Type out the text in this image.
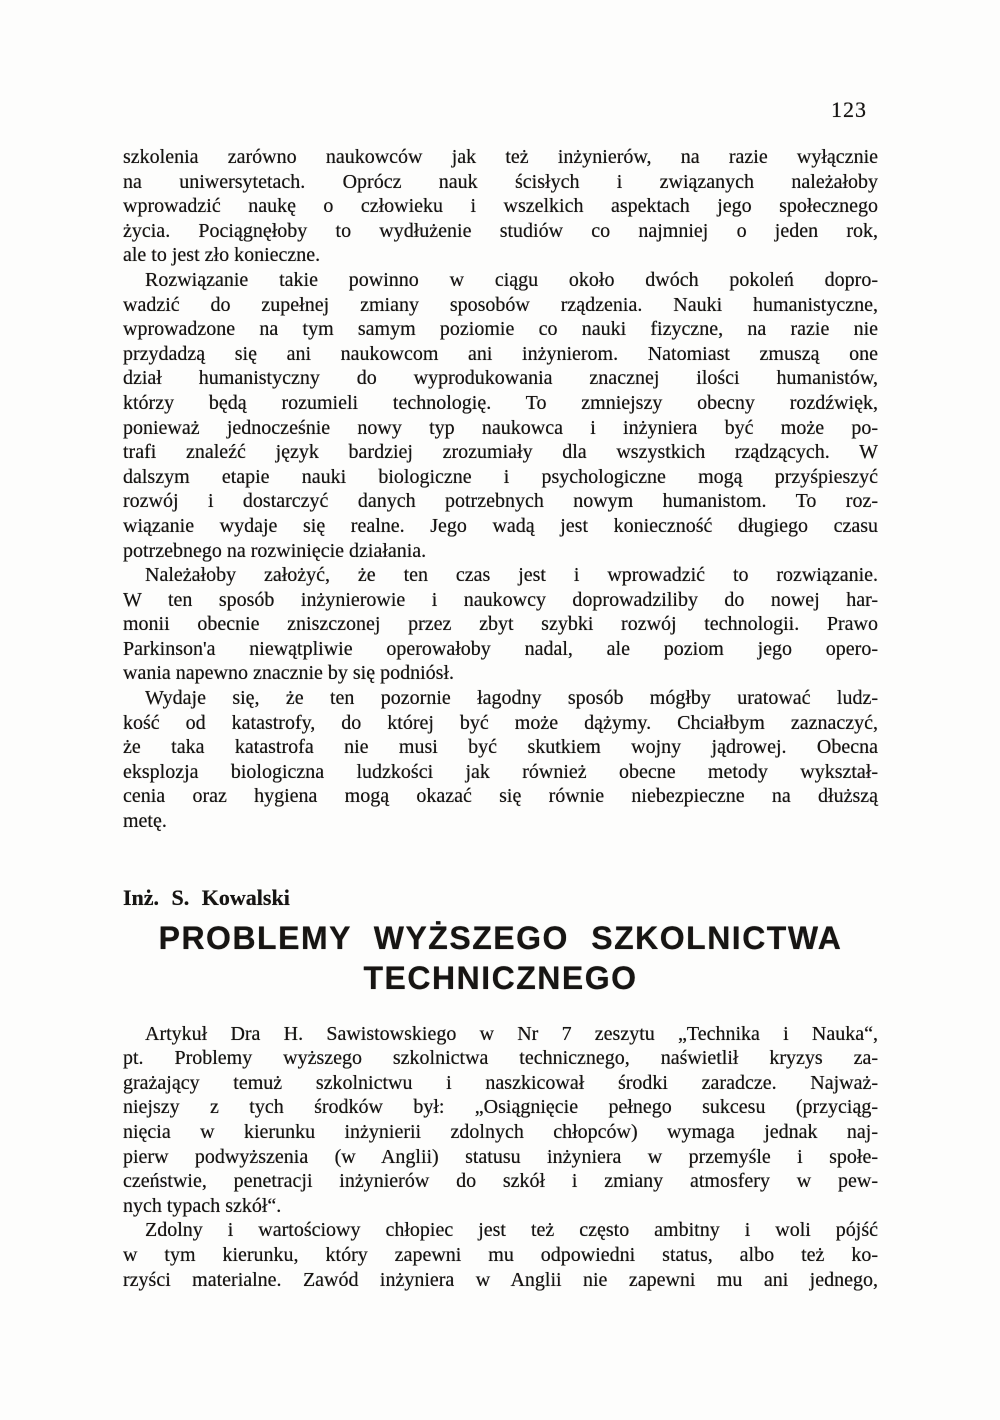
123
szkolenia zarówno naukowców jak też inżynierów, na razie wyłącznie
na uniwersytetach. Oprócz nauk ścisłych i związanych należałoby
wprowadzić naukę o człowieku i wszelkich aspektach jego społecznego
życia. Pociągnęłoby to wydłużenie studiów co najmniej o jeden rok,
ale to jest zło konieczne.
Rozwiązanie takie powinno w ciągu około dwóch pokoleń dopro-
wadzić do zupełnej zmiany sposobów rządzenia. Nauki humanistyczne,
wprowadzone na tym samym poziomie co nauki fizyczne, na razie nie
przydadzą się ani naukowcom ani inżynierom. Natomiast zmuszą one
dział humanistyczny do wyprodukowania znacznej ilości humanistów,
którzy będą rozumieli technologię. To zmniejszy obecny rozdźwięk,
ponieważ jednocześnie nowy typ naukowca i inżyniera być może po-
trafi znaleźć język bardziej zrozumiały dla wszystkich rządzących. W
dalszym etapie nauki biologiczne i psychologiczne mogą przyśpieszyć
rozwój i dostarczyć danych potrzebnych nowym humanistom. To roz-
wiązanie wydaje się realne. Jego wadą jest konieczność długiego czasu
potrzebnego na rozwinięcie działania.
Należałoby założyć, że ten czas jest i wprowadzić to rozwiązanie.
W ten sposób inżynierowie i naukowcy doprowadziliby do nowej har-
monii obecnie zniszczonej przez zbyt szybki rozwój technologii. Prawo
Parkinson'a niewątpliwie operowałoby nadal, ale poziom jego opero-
wania napewno znacznie by się podniósł.
Wydaje się, że ten pozornie łagodny sposób mógłby uratować ludz-
kość od katastrofy, do której być może dążymy. Chciałbym zaznaczyć,
że taka katastrofa nie musi być skutkiem wojny jądrowej. Obecna
eksplozja biologiczna ludzkości jak również obecne metody wykształ-
cenia oraz hygiena mogą okazać się równie niebezpieczne na dłuższą
metę.
Inż. S. Kowalski
PROBLEMY WYŻSZEGO SZKOLNICTWA
TECHNICZNEGO
Artykuł Dra H. Sawistowskiego w Nr 7 zeszytu „Technika i Nauka“,
pt. Problemy wyższego szkolnictwa technicznego, naświetlił kryzys za-
grażający temuż szkolnictwu i naszkicował środki zaradcze. Najważ-
niejszy z tych środków był: „Osiągnięcie pełnego sukcesu (przyciąg-
nięcia w kierunku inżynierii zdolnych chłopców) wymaga jednak naj-
pierw podwyższenia (w Anglii) statusu inżyniera w przemyśle i społe-
czeństwie, penetracji inżynierów do szkół i zmiany atmosfery w pew-
nych typach szkół“.
Zdolny i wartościowy chłopiec jest też często ambitny i woli pójść
w tym kierunku, który zapewni mu odpowiedni status, albo też ko-
rzyści materialne. Zawód inżyniera w Anglii nie zapewni mu ani jednego,
